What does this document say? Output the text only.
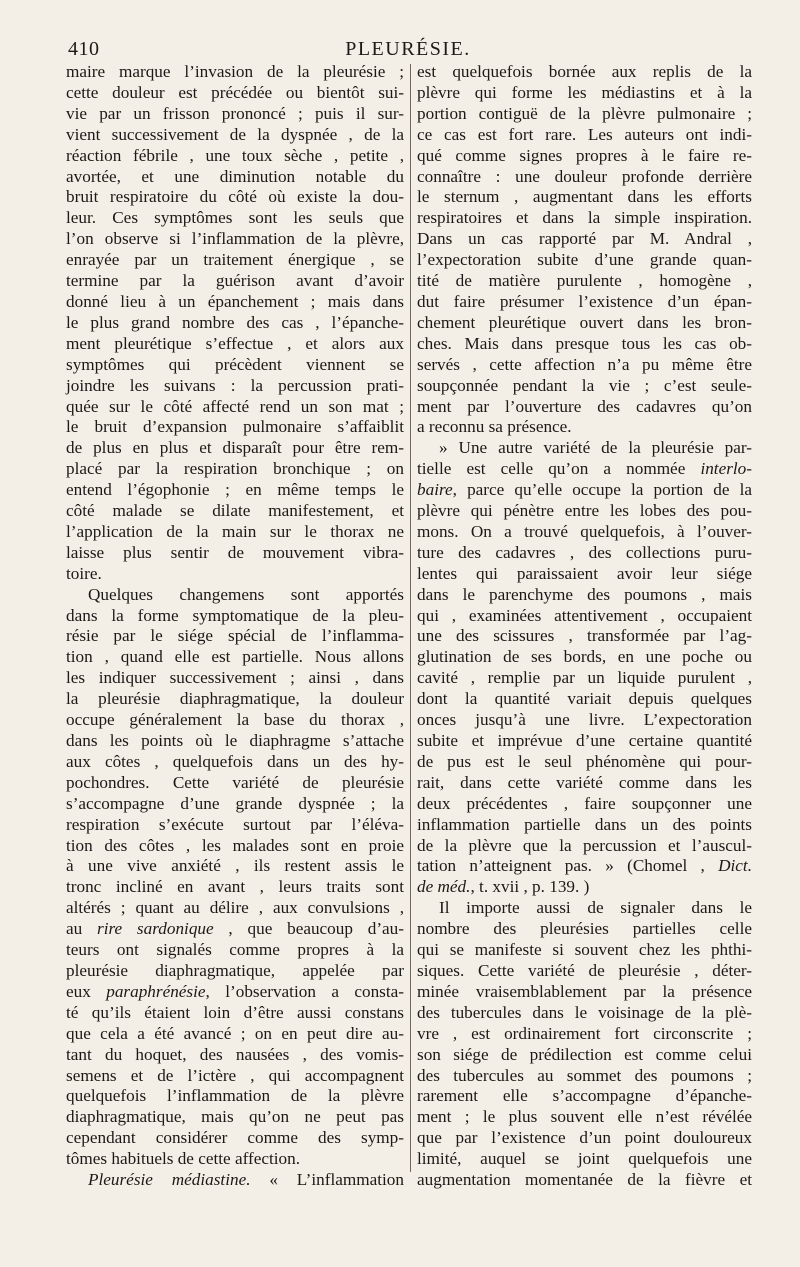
410	PLEURÉSIE.
maire marque l’invasion de la pleurésie ;
cette douleur est précédée ou bientôt sui-
vie par un frisson prononcé ; puis il sur-
vient successivement de la dyspnée , de la
réaction fébrile , une toux sèche , petite ,
avortée, et une diminution notable du
bruit respiratoire du côté où existe la dou-
leur. Ces symptômes sont les seuls que
l’on observe si l’inflammation de la plèvre,
enrayée par un traitement énergique , se
termine par la guérison avant d’avoir
donné lieu à un épanchement ; mais dans
le plus grand nombre des cas , l’épanche-
ment pleurétique s’effectue , et alors aux
symptômes qui précèdent viennent se
joindre les suivans : la percussion prati-
quée sur le côté affecté rend un son mat ;
le bruit d’expansion pulmonaire s’affaiblit
de plus en plus et disparaît pour être rem-
placé par la respiration bronchique ; on
entend l’égophonie ; en même temps le
côté malade se dilate manifestement, et
l’application de la main sur le thorax ne
laisse plus sentir de mouvement vibra-
toire.
Quelques changemens sont apportés
dans la forme symptomatique de la pleu-
résie par le siége spécial de l’inflamma-
tion , quand elle est partielle. Nous allons
les indiquer successivement ; ainsi , dans
la pleurésie diaphragmatique, la douleur
occupe généralement la base du thorax ,
dans les points où le diaphragme s’attache
aux côtes , quelquefois dans un des hy-
pochondres. Cette variété de pleurésie
s’accompagne d’une grande dyspnée ; la
respiration s’exécute surtout par l’éléva-
tion des côtes , les malades sont en proie
à une vive anxiété , ils restent assis le
tronc incliné en avant , leurs traits sont
altérés ; quant au délire , aux convulsions ,
au rire sardonique , que beaucoup d’au-
teurs ont signalés comme propres à la
pleurésie diaphragmatique, appelée par
eux paraphrénésie, l’observation a consta-
té qu’ils étaient loin d’être aussi constans
que cela a été avancé ; on en peut dire au-
tant du hoquet, des nausées , des vomis-
semens et de l’ictère , qui accompagnent
quelquefois l’inflammation de la plèvre
diaphragmatique, mais qu’on ne peut pas
cependant considérer comme des symp-
tômes habituels de cette affection.
Pleurésie médiastine. « L’inflammation
est quelquefois bornée aux replis de la
plèvre qui forme les médiastins et à la
portion contiguë de la plèvre pulmonaire ;
ce cas est fort rare. Les auteurs ont indi-
qué comme signes propres à le faire re-
connaître : une douleur profonde derrière
le sternum , augmentant dans les efforts
respiratoires et dans la simple inspiration.
Dans un cas rapporté par M. Andral ,
l’expectoration subite d’une grande quan-
tité de matière purulente , homogène ,
dut faire présumer l’existence d’un épan-
chement pleurétique ouvert dans les bron-
ches. Mais dans presque tous les cas ob-
servés , cette affection n’a pu même être
soupçonnée pendant la vie ; c’est seule-
ment par l’ouverture des cadavres qu’on
a reconnu sa présence.
» Une autre variété de la pleurésie par-
tielle est celle qu’on a nommée interlo-
baire, parce qu’elle occupe la portion de la
plèvre qui pénètre entre les lobes des pou-
mons. On a trouvé quelquefois, à l’ouver-
ture des cadavres , des collections puru-
lentes qui paraissaient avoir leur siége
dans le parenchyme des poumons , mais
qui , examinées attentivement , occupaient
une des scissures , transformée par l’ag-
glutination de ses bords, en une poche ou
cavité , remplie par un liquide purulent ,
dont la quantité variait depuis quelques
onces jusqu’à une livre. L’expectoration
subite et imprévue d’une certaine quantité
de pus est le seul phénomène qui pour-
rait, dans cette variété comme dans les
deux précédentes , faire soupçonner une
inflammation partielle dans un des points
de la plèvre que la percussion et l’auscul-
tation n’atteignent pas. » (Chomel , Dict.
de méd., t. xvii , p. 139. )
Il importe aussi de signaler dans le
nombre des pleurésies partielles celle
qui se manifeste si souvent chez les phthi-
siques. Cette variété de pleurésie , déter-
minée vraisemblablement par la présence
des tubercules dans le voisinage de la plè-
vre , est ordinairement fort circonscrite ;
son siége de prédilection est comme celui
des tubercules au sommet des poumons ;
rarement elle s’accompagne d’épanche-
ment ; le plus souvent elle n’est révélée
que par l’existence d’un point douloureux
limité, auquel se joint quelquefois une
augmentation momentanée de la fièvre et
